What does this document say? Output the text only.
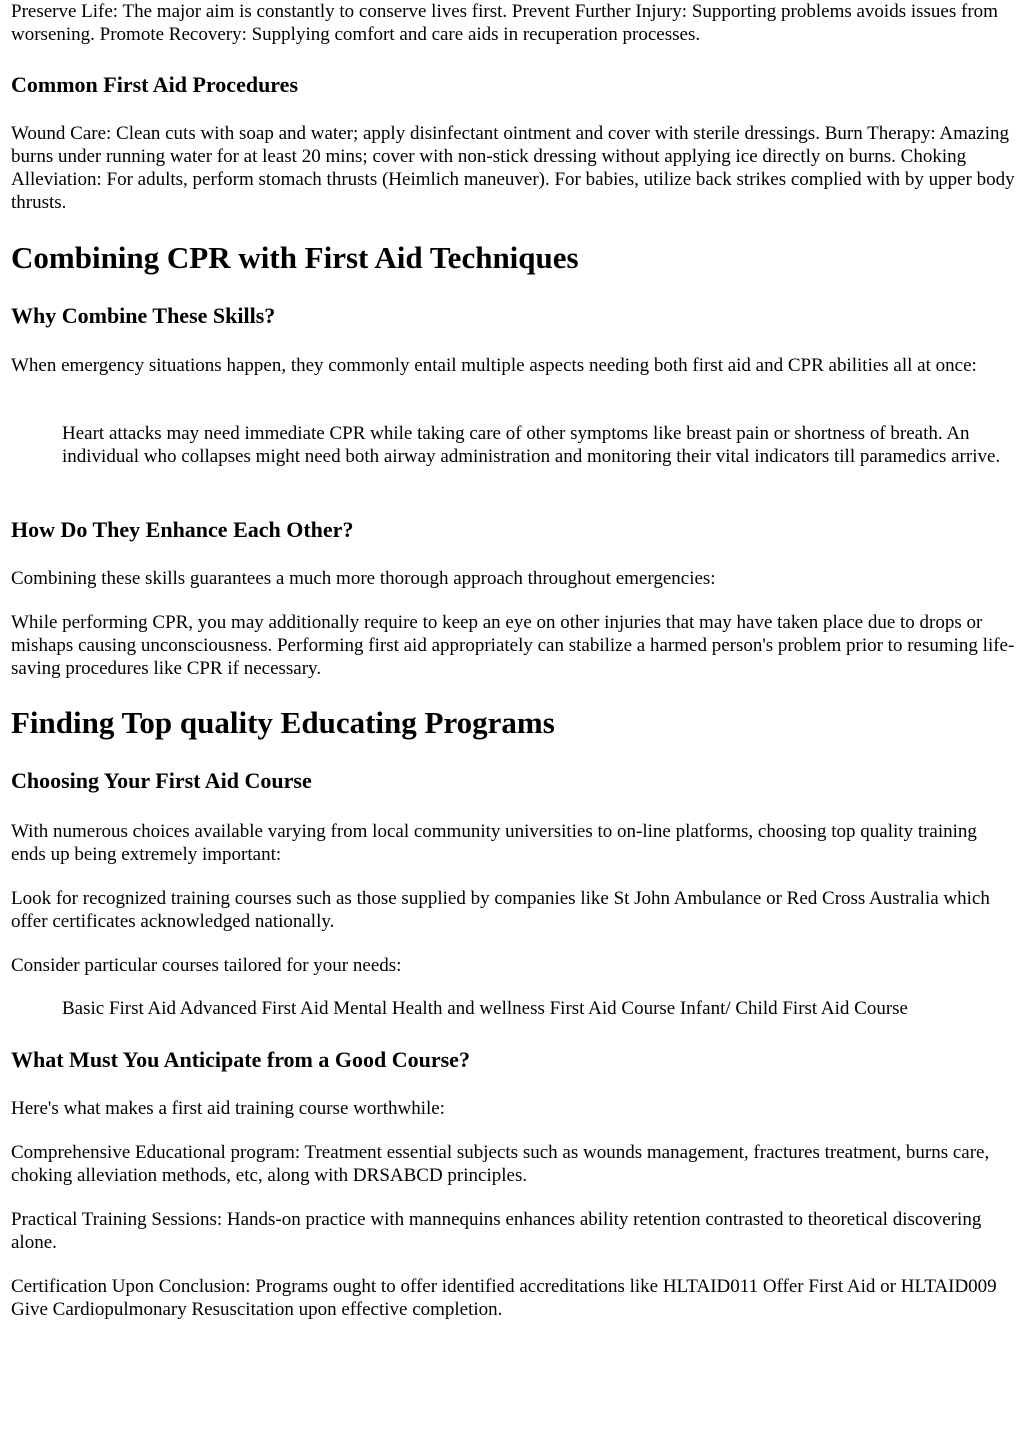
Preserve Life: The major aim is constantly to conserve lives first. Prevent Further Injury: Supporting problems avoids issues from worsening. Promote Recovery: Supplying comfort and care aids in recuperation processes.

Common First Aid Procedures

Wound Care: Clean cuts with soap and water; apply disinfectant ointment and cover with sterile dressings. Burn Therapy: Amazing burns under running water for at least 20 mins; cover with non-stick dressing without applying ice directly on burns. Choking Alleviation: For adults, perform stomach thrusts (Heimlich maneuver). For babies, utilize back strikes complied with by upper body thrusts.

Combining CPR with First Aid Techniques
Why Combine These Skills?

When emergency situations happen, they commonly entail multiple aspects needing both first aid and CPR abilities all at once:

Heart attacks may need immediate CPR while taking care of other symptoms like breast pain or shortness of breath. An individual who collapses might need both airway administration and monitoring their vital indicators till paramedics arrive.

How Do They Enhance Each Other?

Combining these skills guarantees a much more thorough approach throughout emergencies:

While performing CPR, you may additionally require to keep an eye on other injuries that may have taken place due to drops or mishaps causing unconsciousness. Performing first aid appropriately can stabilize a harmed person's problem prior to resuming life-saving procedures like CPR if necessary.

Finding Top quality Educating Programs
Choosing Your First Aid Course

With numerous choices available varying from local community universities to on-line platforms, choosing top quality training ends up being extremely important:

Look for recognized training courses such as those supplied by companies like St John Ambulance or Red Cross Australia which offer certificates acknowledged nationally.

Consider particular courses tailored for your needs:

Basic First Aid Advanced First Aid Mental Health and wellness First Aid Course Infant/ Child First Aid Course

What Must You Anticipate from a Good Course?

Here's what makes a first aid training course worthwhile:

Comprehensive Educational program: Treatment essential subjects such as wounds management, fractures treatment, burns care, choking alleviation methods, etc, along with DRSABCD principles.

Practical Training Sessions: Hands-on practice with mannequins enhances ability retention contrasted to theoretical discovering alone.

Certification Upon Conclusion: Programs ought to offer identified accreditations like HLTAID011 Offer First Aid or HLTAID009 Give Cardiopulmonary Resuscitation upon effective completion.
